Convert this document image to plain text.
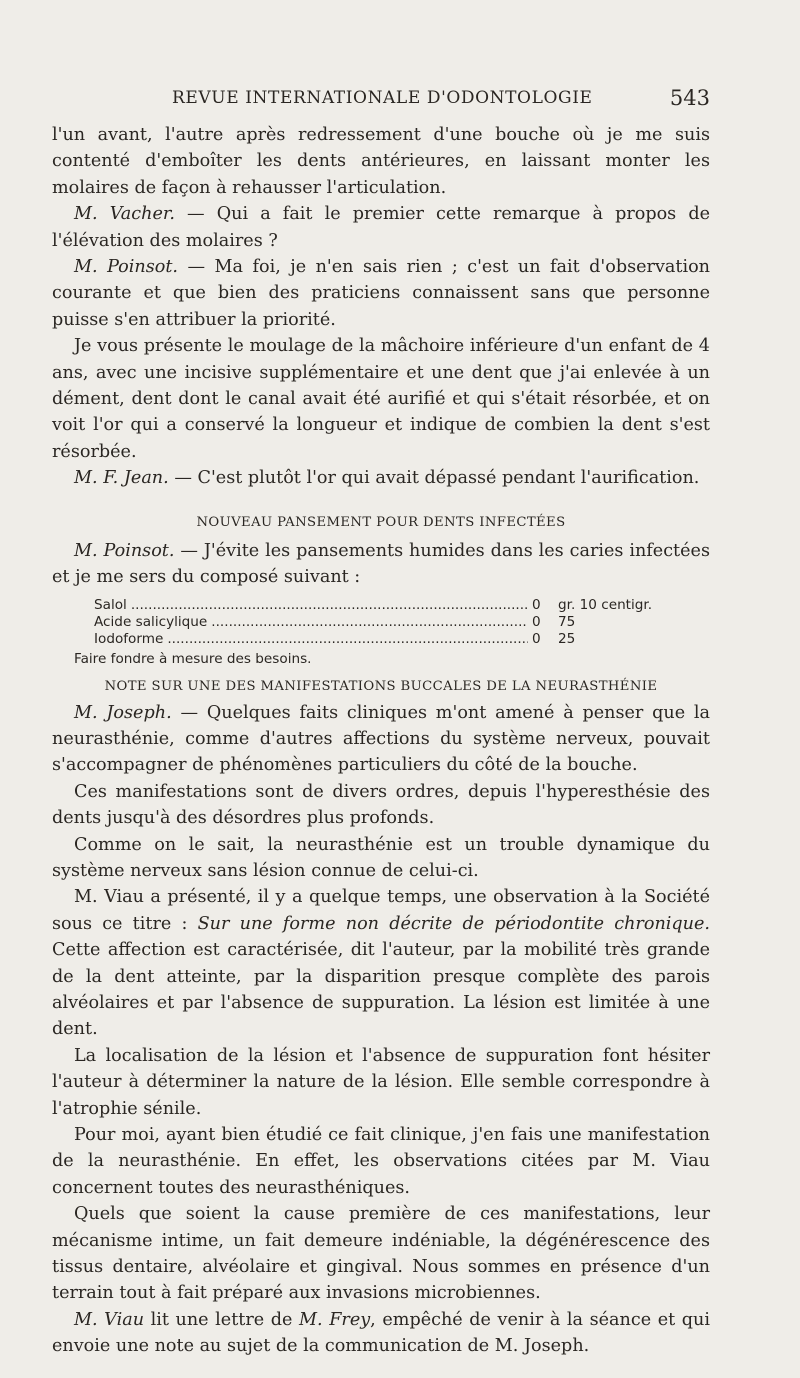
REVUE INTERNATIONALE D'ODONTOLOGIE	543

l'un avant, l'autre après redressement d'une bouche où je me suis contenté d'emboîter les dents antérieures, en laissant monter les molaires de façon à rehausser l'articulation.

M. Vacher. — Qui a fait le premier cette remarque à propos de l'élévation des molaires ?

M. Poinsot. — Ma foi, je n'en sais rien ; c'est un fait d'observation courante et que bien des praticiens connaissent sans que personne puisse s'en attribuer la priorité.

Je vous présente le moulage de la mâchoire inférieure d'un enfant de 4 ans, avec une incisive supplémentaire et une dent que j'ai enlevée à un dément, dent dont le canal avait été aurifié et qui s'était résorbée, et on voit l'or qui a conservé la longueur et indique de combien la dent s'est résorbée.

M. F. Jean. — C'est plutôt l'or qui avait dépassé pendant l'aurification.

NOUVEAU PANSEMENT POUR DENTS INFECTÉES

M. Poinsot. — J'évite les pansements humides dans les caries infectées et je me sers du composé suivant :

Salol .....	0	gr. 10 centigr.
Acide salicylique .....	0	75
Iodoforme .....	0	25
Faire fondre à mesure des besoins.
NOTE SUR UNE DES MANIFESTATIONS BUCCALES DE LA NEURASTHÉNIE

M. Joseph. — Quelques faits cliniques m'ont amené à penser que la neurasthénie, comme d'autres affections du système nerveux, pouvait s'accompagner de phénomènes particuliers du côté de la bouche.

Ces manifestations sont de divers ordres, depuis l'hyperesthésie des dents jusqu'à des désordres plus profonds.

Comme on le sait, la neurasthénie est un trouble dynamique du système nerveux sans lésion connue de celui-ci.

M. Viau a présenté, il y a quelque temps, une observation à la Société sous ce titre : Sur une forme non décrite de périodontite chronique. Cette affection est caractérisée, dit l'auteur, par la mobilité très grande de la dent atteinte, par la disparition presque complète des parois alvéolaires et par l'absence de suppuration. La lésion est limitée à une dent.

La localisation de la lésion et l'absence de suppuration font hésiter l'auteur à déterminer la nature de la lésion. Elle semble correspondre à l'atrophie sénile.

Pour moi, ayant bien étudié ce fait clinique, j'en fais une manifestation de la neurasthénie. En effet, les observations citées par M. Viau concernent toutes des neurasthéniques.

Quels que soient la cause première de ces manifestations, leur mécanisme intime, un fait demeure indéniable, la dégénérescence des tissus dentaire, alvéolaire et gingival. Nous sommes en présence d'un terrain tout à fait préparé aux invasions microbiennes.

M. Viau lit une lettre de M. Frey, empêché de venir à la séance et qui envoie une note au sujet de la communication de M. Joseph.
